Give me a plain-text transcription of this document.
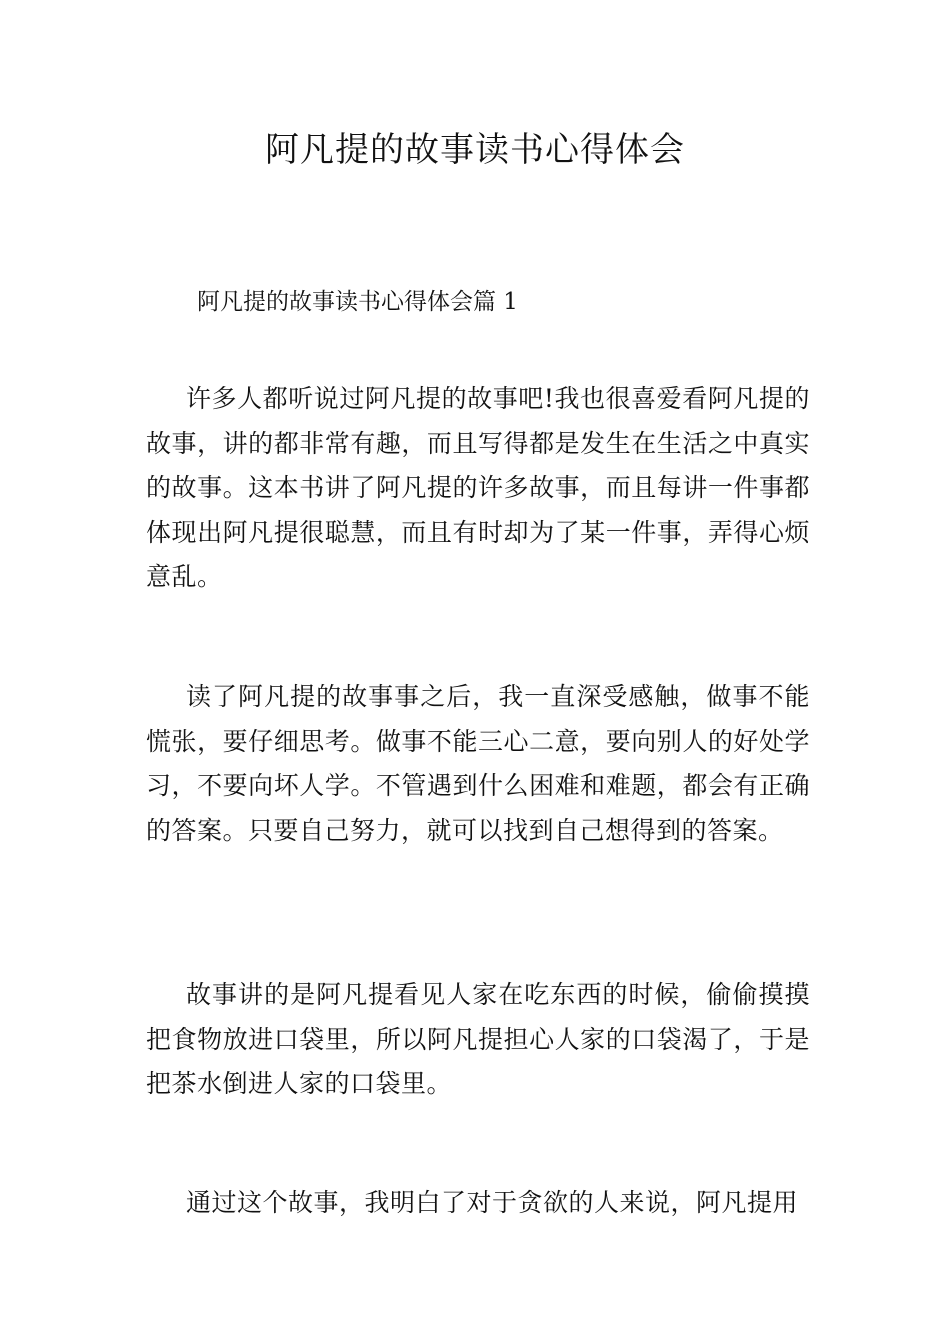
阿凡提的故事读书心得体会
阿凡提的故事读书心得体会篇 1

许多人都听说过阿凡提的故事吧!我也很喜爱看阿凡提的故事，讲的都非常有趣，而且写得都是发生在生活之中真实的故事。这本书讲了阿凡提的许多故事，而且每讲一件事都体现出阿凡提很聪慧，而且有时却为了某一件事，弄得心烦意乱。

读了阿凡提的故事事之后，我一直深受感触，做事不能慌张，要仔细思考。做事不能三心二意，要向别人的好处学习，不要向坏人学。不管遇到什么困难和难题，都会有正确的答案。只要自己努力，就可以找到自己想得到的答案。

故事讲的是阿凡提看见人家在吃东西的时候，偷偷摸摸把食物放进口袋里，所以阿凡提担心人家的口袋渴了，于是把茶水倒进人家的口袋里。

通过这个故事，我明白了对于贪欲的人来说，阿凡提用
